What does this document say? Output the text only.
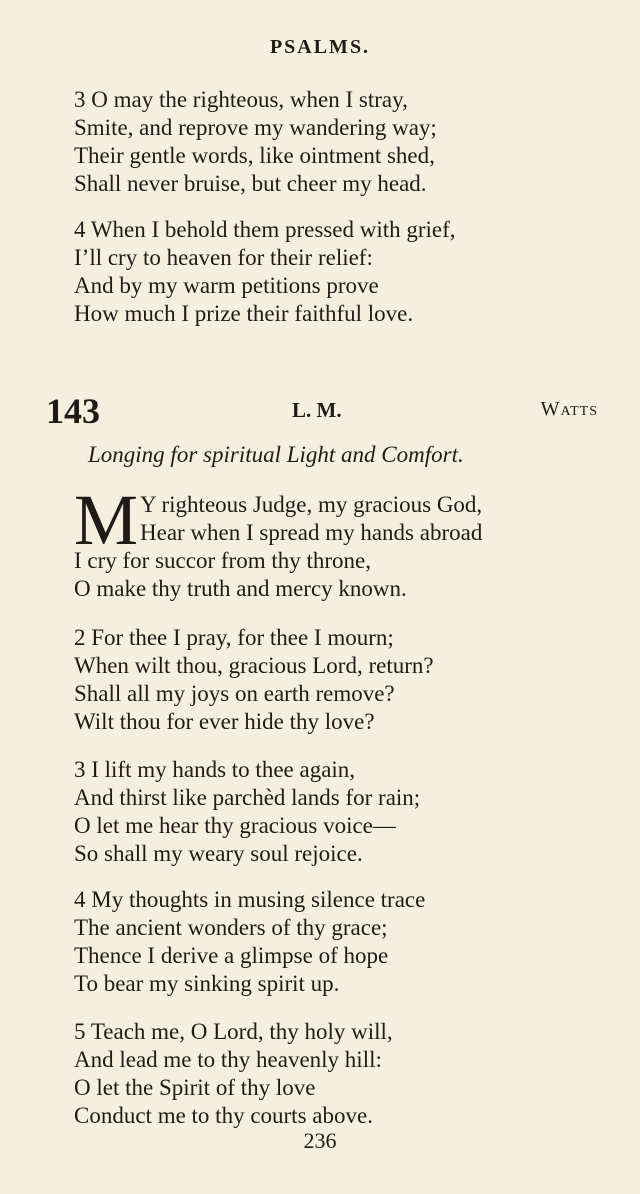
PSALMS.
3 O may the righteous, when I stray,
Smite, and reprove my wandering way;
Their gentle words, like ointment shed,
Shall never bruise, but cheer my head.
4 When I behold them pressed with grief,
I’ll cry to heaven for their relief:
And by my warm petitions prove
How much I prize their faithful love.
143	L. M.	Watts
Longing for spiritual Light and Comfort.
M Y righteous Judge, my gracious God,
Hear when I spread my hands abroad
I cry for succor from thy throne,
O make thy truth and mercy known.
2 For thee I pray, for thee I mourn;
When wilt thou, gracious Lord, return?
Shall all my joys on earth remove?
Wilt thou for ever hide thy love?
3 I lift my hands to thee again,
And thirst like parchèd lands for rain;
O let me hear thy gracious voice—
So shall my weary soul rejoice.
4 My thoughts in musing silence trace
The ancient wonders of thy grace;
Thence I derive a glimpse of hope
To bear my sinking spirit up.
5 Teach me, O Lord, thy holy will,
And lead me to thy heavenly hill:
O let the Spirit of thy love
Conduct me to thy courts above.
236
